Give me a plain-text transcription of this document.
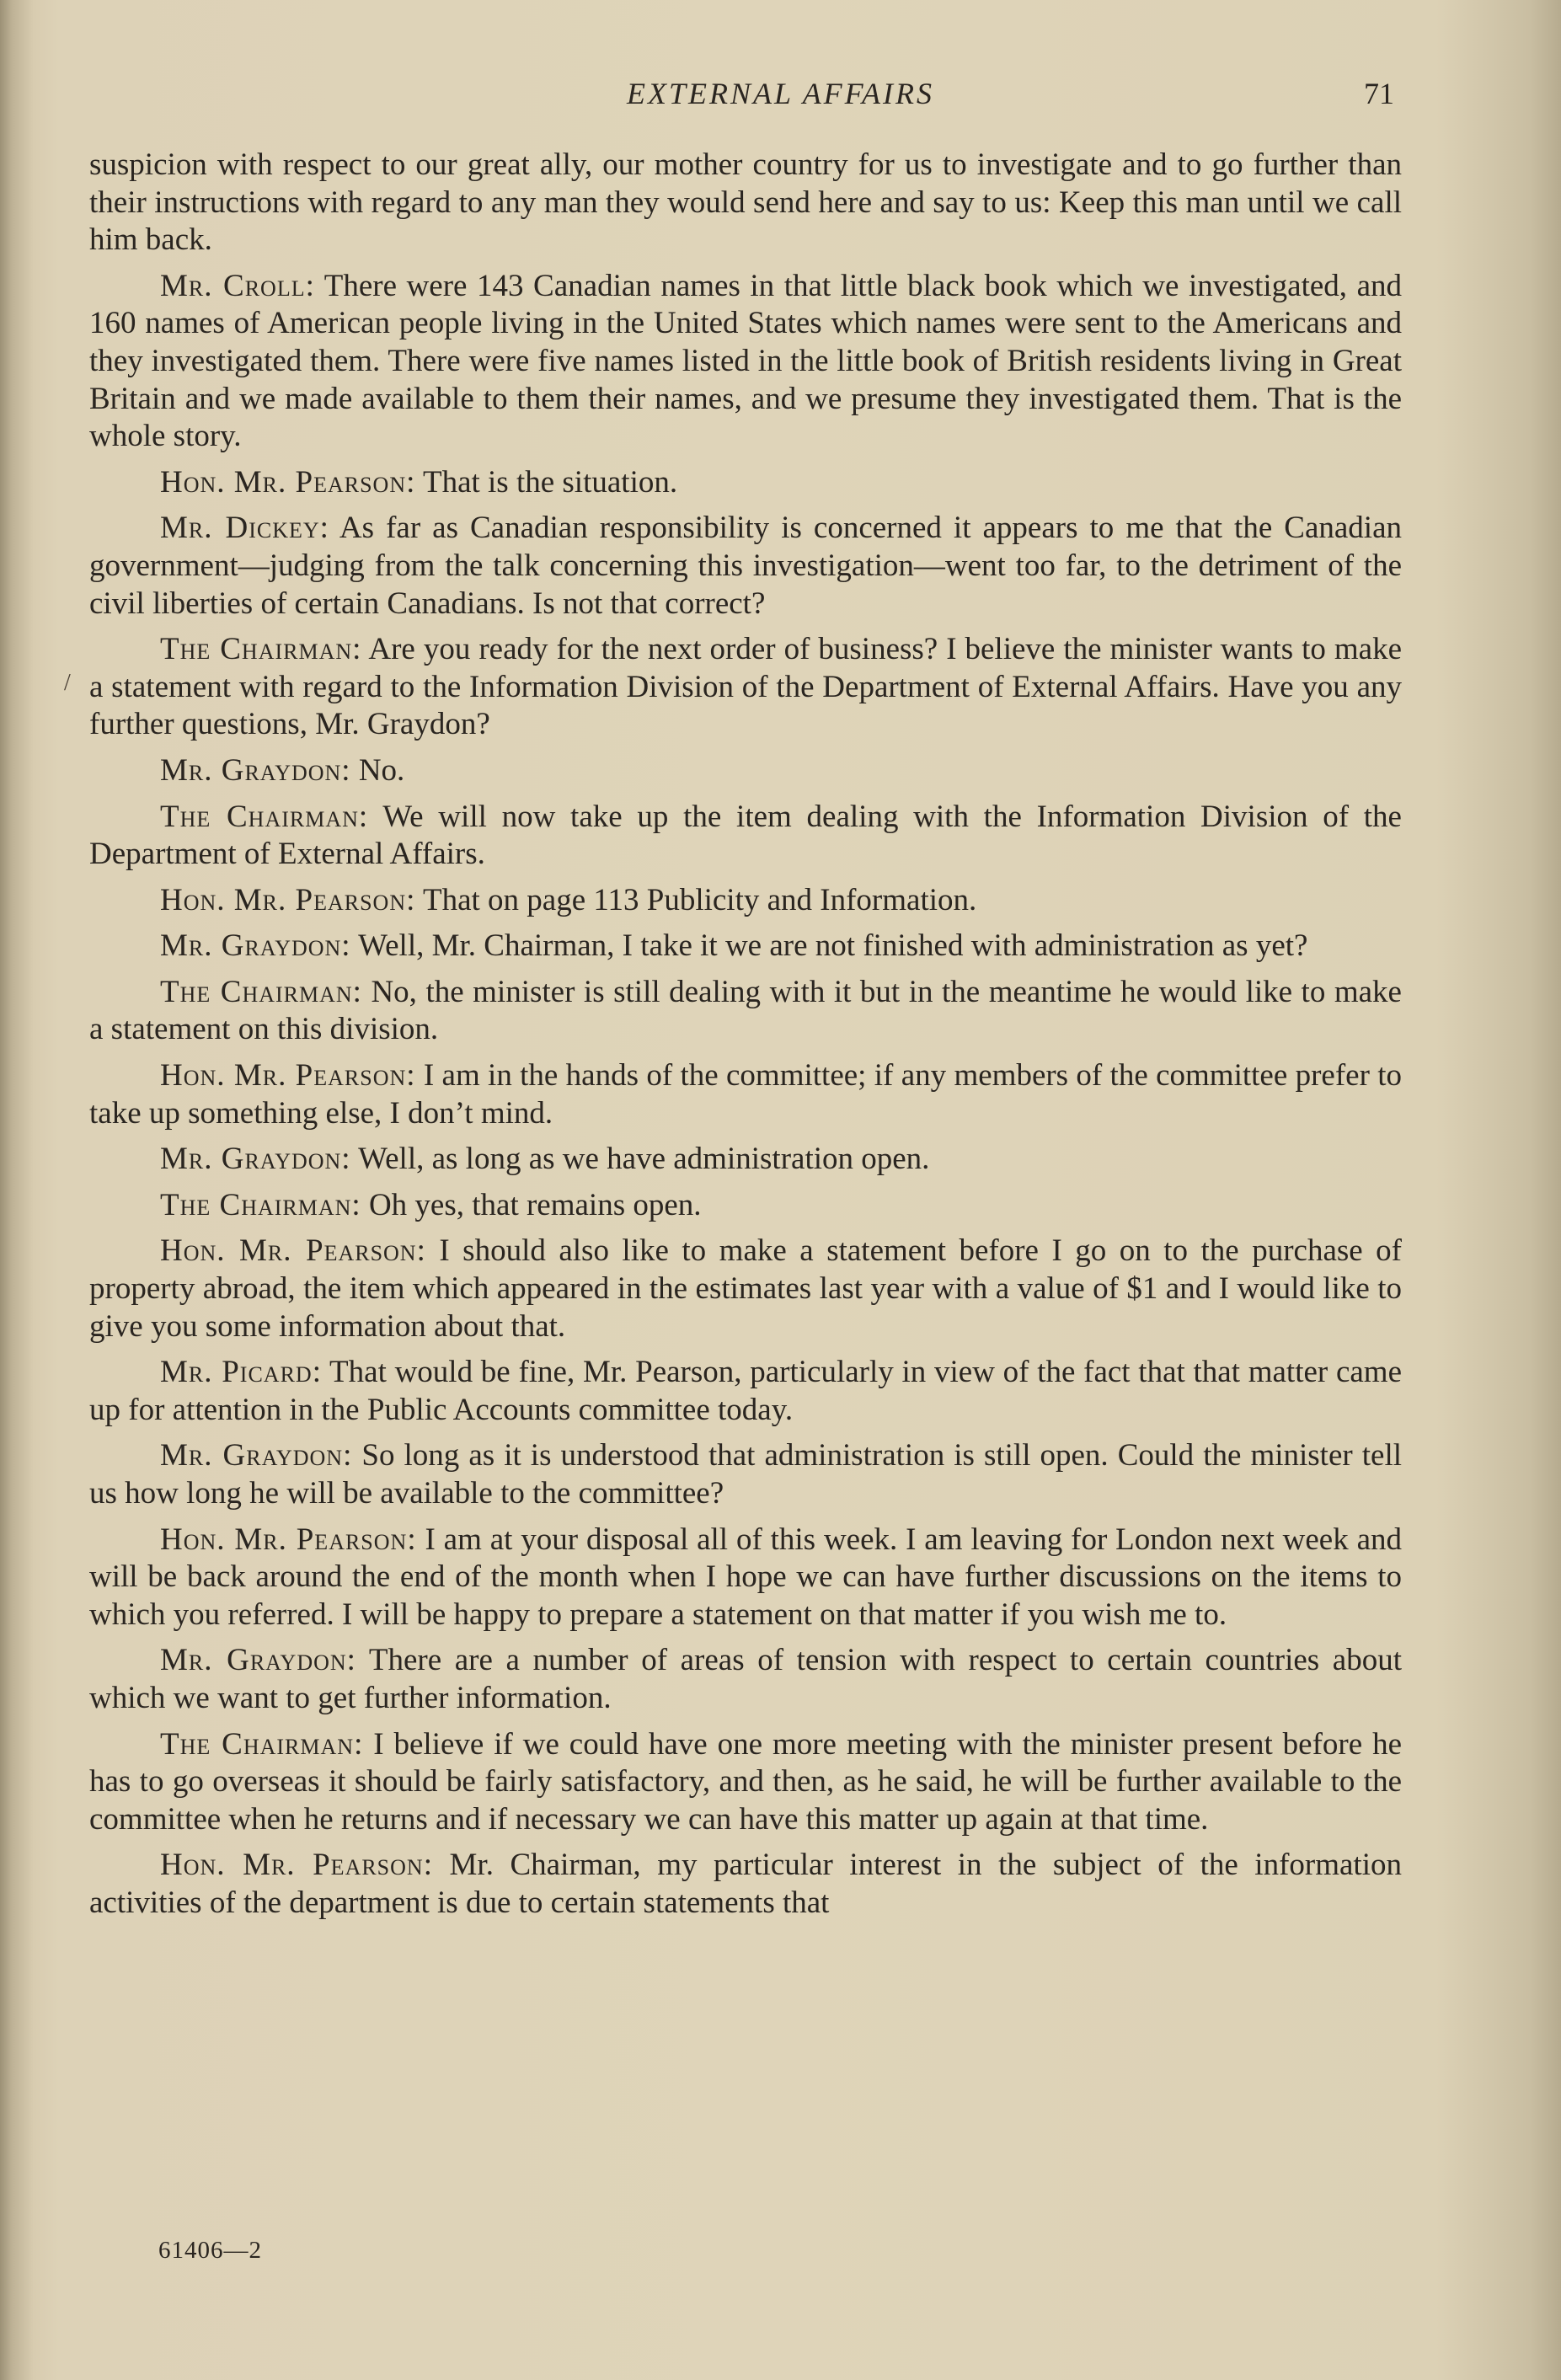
EXTERNAL AFFAIRS	71
/

suspicion with respect to our great ally, our mother country for us to investigate and to go further than their instructions with regard to any man they would send here and say to us: Keep this man until we call him back.

Mr. Croll: There were 143 Canadian names in that little black book which we investigated, and 160 names of American people living in the United States which names were sent to the Americans and they investigated them. There were five names listed in the little book of British residents living in Great Britain and we made available to them their names, and we presume they investigated them. That is the whole story.

Hon. Mr. Pearson: That is the situation.

Mr. Dickey: As far as Canadian responsibility is concerned it appears to me that the Canadian government—judging from the talk concerning this investigation—went too far, to the detriment of the civil liberties of certain Canadians. Is not that correct?

The Chairman: Are you ready for the next order of business? I believe the minister wants to make a statement with regard to the Information Division of the Department of External Affairs. Have you any further questions, Mr. Graydon?

Mr. Graydon: No.

The Chairman: We will now take up the item dealing with the Information Division of the Department of External Affairs.

Hon. Mr. Pearson: That on page 113 Publicity and Information.

Mr. Graydon: Well, Mr. Chairman, I take it we are not finished with administration as yet?

The Chairman: No, the minister is still dealing with it but in the meantime he would like to make a statement on this division.

Hon. Mr. Pearson: I am in the hands of the committee; if any members of the committee prefer to take up something else, I don’t mind.

Mr. Graydon: Well, as long as we have administration open.

The Chairman: Oh yes, that remains open.

Hon. Mr. Pearson: I should also like to make a statement before I go on to the purchase of property abroad, the item which appeared in the estimates last year with a value of $1 and I would like to give you some information about that.

Mr. Picard: That would be fine, Mr. Pearson, particularly in view of the fact that that matter came up for attention in the Public Accounts committee today.

Mr. Graydon: So long as it is understood that administration is still open. Could the minister tell us how long he will be available to the committee?

Hon. Mr. Pearson: I am at your disposal all of this week. I am leaving for London next week and will be back around the end of the month when I hope we can have further discussions on the items to which you referred. I will be happy to prepare a statement on that matter if you wish me to.

Mr. Graydon: There are a number of areas of tension with respect to certain countries about which we want to get further information.

The Chairman: I believe if we could have one more meeting with the minister present before he has to go overseas it should be fairly satisfactory, and then, as he said, he will be further available to the committee when he returns and if necessary we can have this matter up again at that time.

Hon. Mr. Pearson: Mr. Chairman, my particular interest in the subject of the information activities of the department is due to certain statements that

61406—2
